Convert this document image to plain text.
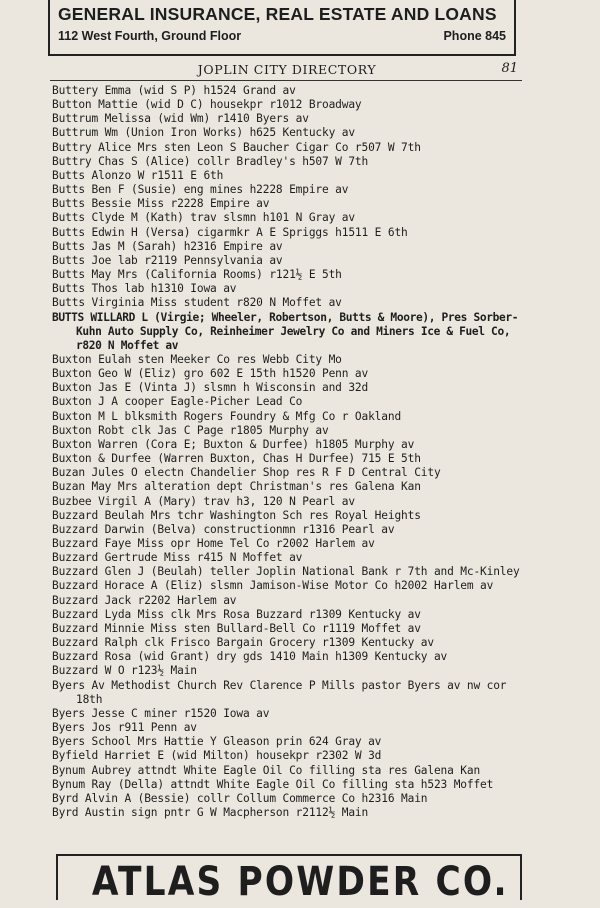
GENERAL INSURANCE, REAL ESTATE AND LOANS
112 West Fourth, Ground Floor	Phone 845
JOPLIN CITY DIRECTORY	81

Buttery Emma (wid S P) h1524 Grand av

Button Mattie (wid D C) housekpr r1012 Broadway

Buttrum Melissa (wid Wm) r1410 Byers av

Buttrum Wm (Union Iron Works) h625 Kentucky av

Buttry Alice Mrs sten Leon S Baucher Cigar Co r507 W 7th

Buttry Chas S (Alice) collr Bradley's h507 W 7th

Butts Alonzo W r1511 E 6th

Butts Ben F (Susie) eng mines h2228 Empire av

Butts Bessie Miss r2228 Empire av

Butts Clyde M (Kath) trav slsmn h101 N Gray av

Butts Edwin H (Versa) cigarmkr A E Spriggs h1511 E 6th

Butts Jas M (Sarah) h2316 Empire av

Butts Joe lab r2119 Pennsylvania av

Butts May Mrs (California Rooms) r121½ E 5th

Butts Thos lab h1310 Iowa av

Butts Virginia Miss student r820 N Moffet av

BUTTS WILLARD L (Virgie; Wheeler, Robertson, Butts & Moore), Pres Sorber-Kuhn Auto Supply Co, Reinheimer Jewelry Co and Miners Ice & Fuel Co, r820 N Moffet av

Buxton Eulah sten Meeker Co res Webb City Mo

Buxton Geo W (Eliz) gro 602 E 15th h1520 Penn av

Buxton Jas E (Vinta J) slsmn h Wisconsin and 32d

Buxton J A cooper Eagle-Picher Lead Co

Buxton M L blksmith Rogers Foundry & Mfg Co r Oakland

Buxton Robt clk Jas C Page r1805 Murphy av

Buxton Warren (Cora E; Buxton & Durfee) h1805 Murphy av

Buxton & Durfee (Warren Buxton, Chas H Durfee) 715 E 5th

Buzan Jules O electn Chandelier Shop res R F D Central City

Buzan May Mrs alteration dept Christman's res Galena Kan

Buzbee Virgil A (Mary) trav h3, 120 N Pearl av

Buzzard Beulah Mrs tchr Washington Sch res Royal Heights

Buzzard Darwin (Belva) constructionmn r1316 Pearl av

Buzzard Faye Miss opr Home Tel Co r2002 Harlem av

Buzzard Gertrude Miss r415 N Moffet av

Buzzard Glen J (Beulah) teller Joplin National Bank r 7th and Mc-Kinley

Buzzard Horace A (Eliz) slsmn Jamison-Wise Motor Co h2002 Harlem av

Buzzard Jack r2202 Harlem av

Buzzard Lyda Miss clk Mrs Rosa Buzzard r1309 Kentucky av

Buzzard Minnie Miss sten Bullard-Bell Co r1119 Moffet av

Buzzard Ralph clk Frisco Bargain Grocery r1309 Kentucky av

Buzzard Rosa (wid Grant) dry gds 1410 Main h1309 Kentucky av

Buzzard W O r123½ Main

Byers Av Methodist Church Rev Clarence P Mills pastor Byers av nw cor 18th

Byers Jesse C miner r1520 Iowa av

Byers Jos r911 Penn av

Byers School Mrs Hattie Y Gleason prin 624 Gray av

Byfield Harriet E (wid Milton) housekpr r2302 W 3d

Bynum Aubrey attndt White Eagle Oil Co filling sta res Galena Kan

Bynum Ray (Della) attndt White Eagle Oil Co filling sta h523 Moffet

Byrd Alvin A (Bessie) collr Collum Commerce Co h2316 Main

Byrd Austin sign pntr G W Macpherson r2112½ Main

ATLAS POWDER CO.
